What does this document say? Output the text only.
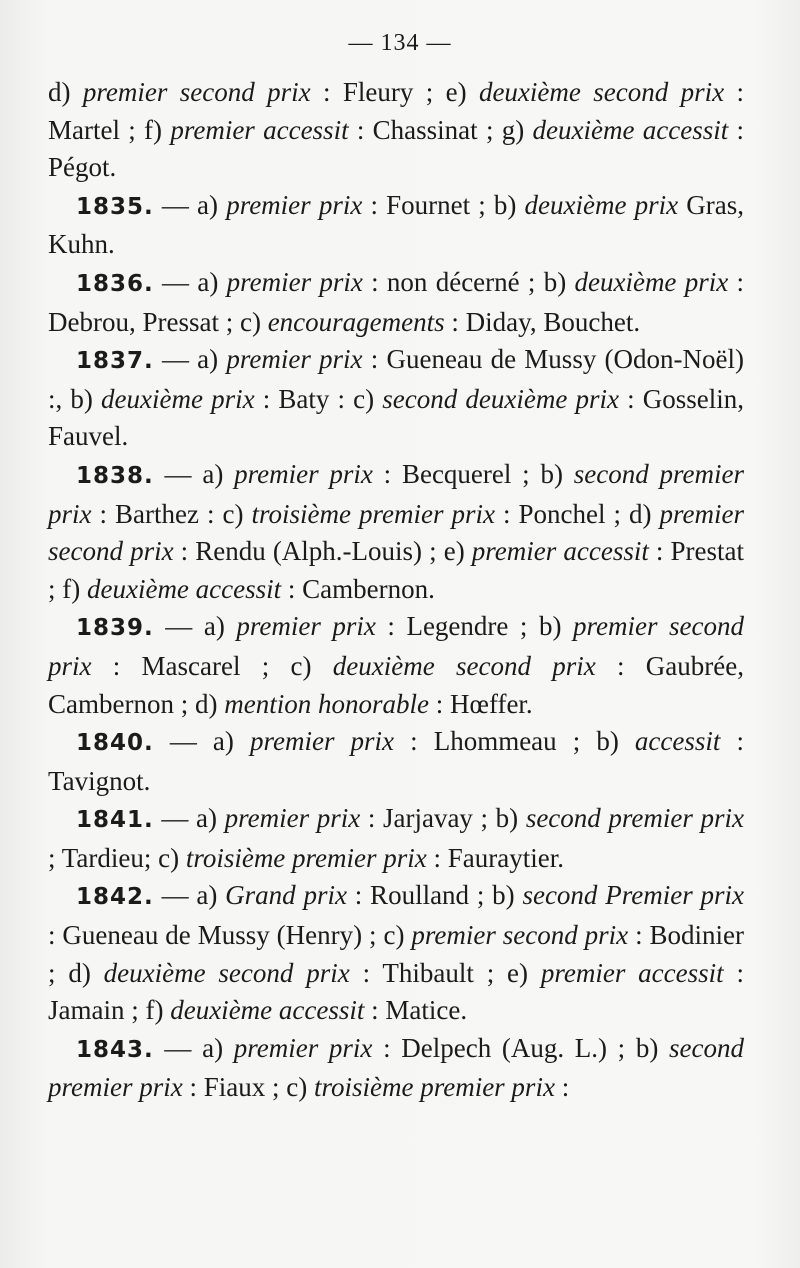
— 134 —

d) premier second prix : Fleury ; e) deuxième second prix : Martel ; f) premier accessit : Chassinat ; g) deuxième accessit : Pégot.

1835. — a) premier prix : Fournet ; b) deuxième prix Gras, Kuhn.

1836. — a) premier prix : non décerné ; b) deuxième prix : Debrou, Pressat ; c) encouragements : Diday, Bouchet.

1837. — a) premier prix : Gueneau de Mussy (Odon-Noël) :, b) deuxième prix : Baty : c) second deuxième prix : Gosselin, Fauvel.

1838. — a) premier prix : Becquerel ; b) second premier prix : Barthez : c) troisième premier prix : Ponchel ; d) premier second prix : Rendu (Alph.-Louis) ; e) premier accessit : Prestat ; f) deuxième accessit : Cambernon.

1839. — a) premier prix : Legendre ; b) premier second prix : Mascarel ; c) deuxième second prix : Gaubrée, Cambernon ; d) mention honorable : Hœffer.

1840. — a) premier prix : Lhommeau ; b) accessit : Tavignot.

1841. — a) premier prix : Jarjavay ; b) second premier prix ; Tardieu; c) troisième premier prix : Fauraytier.

1842. — a) Grand prix : Roulland ; b) second Premier prix : Gueneau de Mussy (Henry) ; c) premier second prix : Bodinier ; d) deuxième second prix : Thibault ; e) premier accessit : Jamain ; f) deuxième accessit : Matice.

1843. — a) premier prix : Delpech (Aug. L.) ; b) second premier prix : Fiaux ; c) troisième premier prix :
